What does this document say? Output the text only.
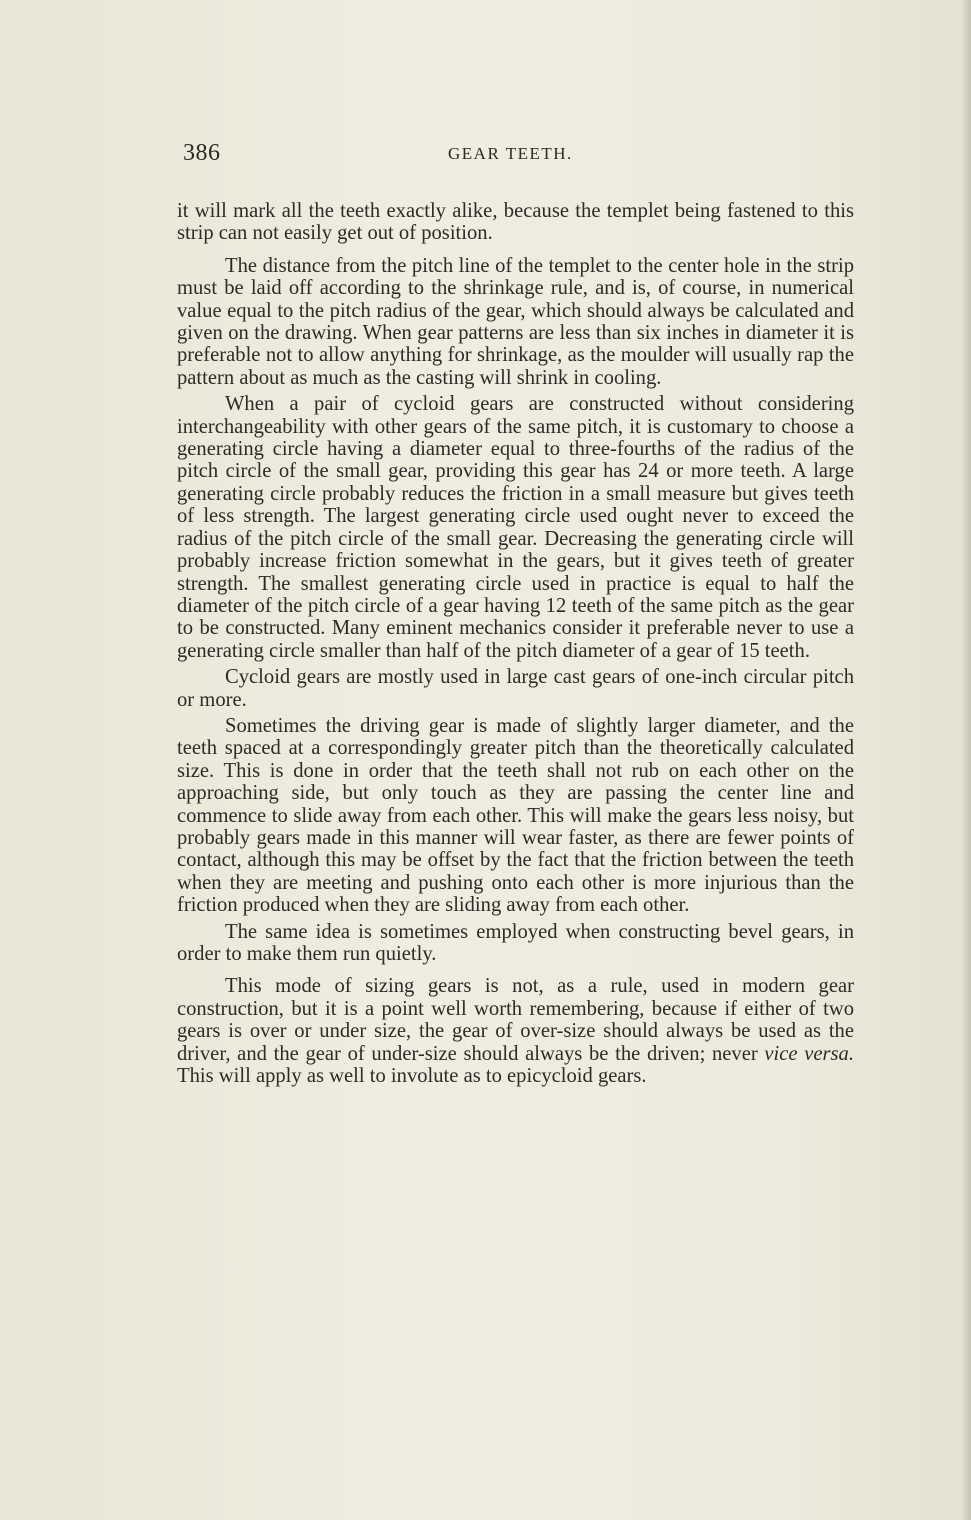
386	GEAR TEETH.

it will mark all the teeth exactly alike, because the templet being fastened to this strip can not easily get out of position.

The distance from the pitch line of the templet to the center hole in the strip must be laid off according to the shrinkage rule, and is, of course, in numerical value equal to the pitch radius of the gear, which should always be calculated and given on the drawing. When gear patterns are less than six inches in diameter it is preferable not to allow anything for shrinkage, as the moulder will usually rap the pattern about as much as the casting will shrink in cooling.

When a pair of cycloid gears are constructed without considering interchangeability with other gears of the same pitch, it is customary to choose a generating circle having a diameter equal to three-fourths of the radius of the pitch circle of the small gear, providing this gear has 24 or more teeth. A large generating circle probably reduces the friction in a small measure but gives teeth of less strength. The largest generating circle used ought never to exceed the radius of the pitch circle of the small gear. Decreasing the generating circle will probably increase friction somewhat in the gears, but it gives teeth of greater strength. The smallest generating circle used in practice is equal to half the diameter of the pitch circle of a gear having 12 teeth of the same pitch as the gear to be constructed. Many eminent mechanics consider it preferable never to use a generating circle smaller than half of the pitch diameter of a gear of 15 teeth.

Cycloid gears are mostly used in large cast gears of one-inch circular pitch or more.

Sometimes the driving gear is made of slightly larger diameter, and the teeth spaced at a correspondingly greater pitch than the theoretically calculated size. This is done in order that the teeth shall not rub on each other on the approaching side, but only touch as they are passing the center line and commence to slide away from each other. This will make the gears less noisy, but probably gears made in this manner will wear faster, as there are fewer points of contact, although this may be offset by the fact that the friction between the teeth when they are meeting and pushing onto each other is more injurious than the friction produced when they are sliding away from each other.

The same idea is sometimes employed when constructing bevel gears, in order to make them run quietly.

This mode of sizing gears is not, as a rule, used in modern gear construction, but it is a point well worth remembering, because if either of two gears is over or under size, the gear of over-size should always be used as the driver, and the gear of under-size should always be the driven; never vice versa. This will apply as well to involute as to epicycloid gears.
